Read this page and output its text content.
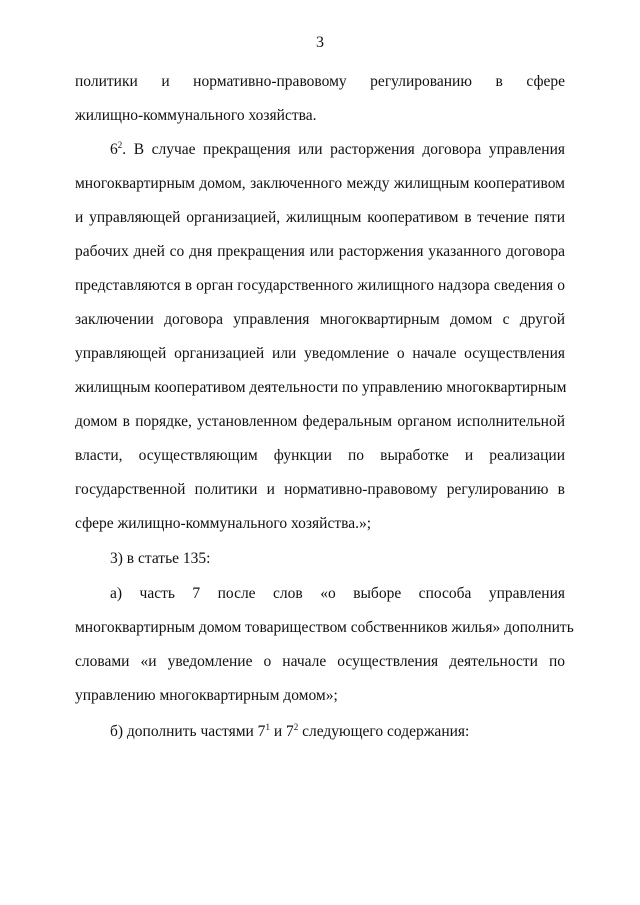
3
политики и нормативно-правовому регулированию в сфере
жилищно-коммунального хозяйства.
$6^2$. В случае прекращения или расторжения договора управления
многоквартирным домом, заключенного между жилищным кооперативом
и управляющей организацией, жилищным кооперативом в течение пяти
рабочих дней со дня прекращения или расторжения указанного договора
представляются в орган государственного жилищного надзора сведения о
заключении договора управления многоквартирным домом с другой
управляющей организацией или уведомление о начале осуществления
жилищным кооперативом деятельности по управлению многоквартирным
домом в порядке, установленном федеральным органом исполнительной
власти, осуществляющим функции по выработке и реализации
государственной политики и нормативно-правовому регулированию в
сфере жилищно-коммунального хозяйства.»;
3) в статье 135:
а) часть 7 после слов «о выборе способа управления
многоквартирным домом товариществом собственников жилья» дополнить
словами «и уведомление о начале осуществления деятельности по
управлению многоквартирным домом»;
б) дополнить частями $7^1$ и $7^2$ следующего содержания:
